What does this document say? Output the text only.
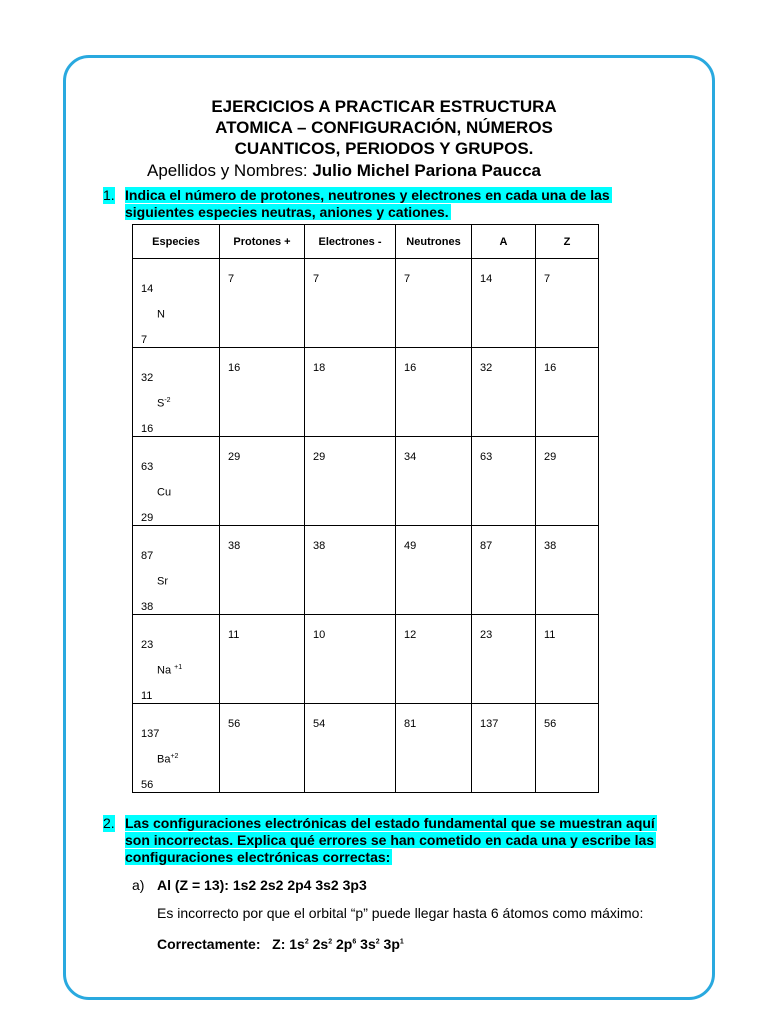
EJERCICIOS A PRACTICAR ESTRUCTURA
ATOMICA – CONFIGURACIÓN, NÚMEROS
CUANTICOS, PERIODOS Y GRUPOS.
Apellidos y Nombres: Julio Michel Pariona Paucca
1. Indica el número de protones, neutrones y electrones en cada una de las
siguientes especies neutras, aniones y cationes.
Especies	Protones +	Electrones -	Neutrones	A	Z

14
N
7	7	7	7	14	7

32
$S^{-2}$
16	16	18	16	32	16

63
Cu
29	29	29	34	63	29

87
Sr
38	38	38	49	87	38

23
Na $^{+1}$
11	11	10	12	23	11

137
$Ba^{+2}$
56	56	54	81	137	56
2. Las configuraciones electrónicas del estado fundamental que se muestran aquí
son incorrectas. Explica qué errores se han cometido en cada una y escribe las
configuraciones electrónicas correctas:
a) Al (Z = 13): 1s2 2s2 2p4 3s2 3p3
Es incorrecto por que el orbital “p” puede llegar hasta 6 átomos como máximo:
Correctamente: Z: $1s^2$ $2s^2$ $2p^6$ $3s^2$ $3p^1$
